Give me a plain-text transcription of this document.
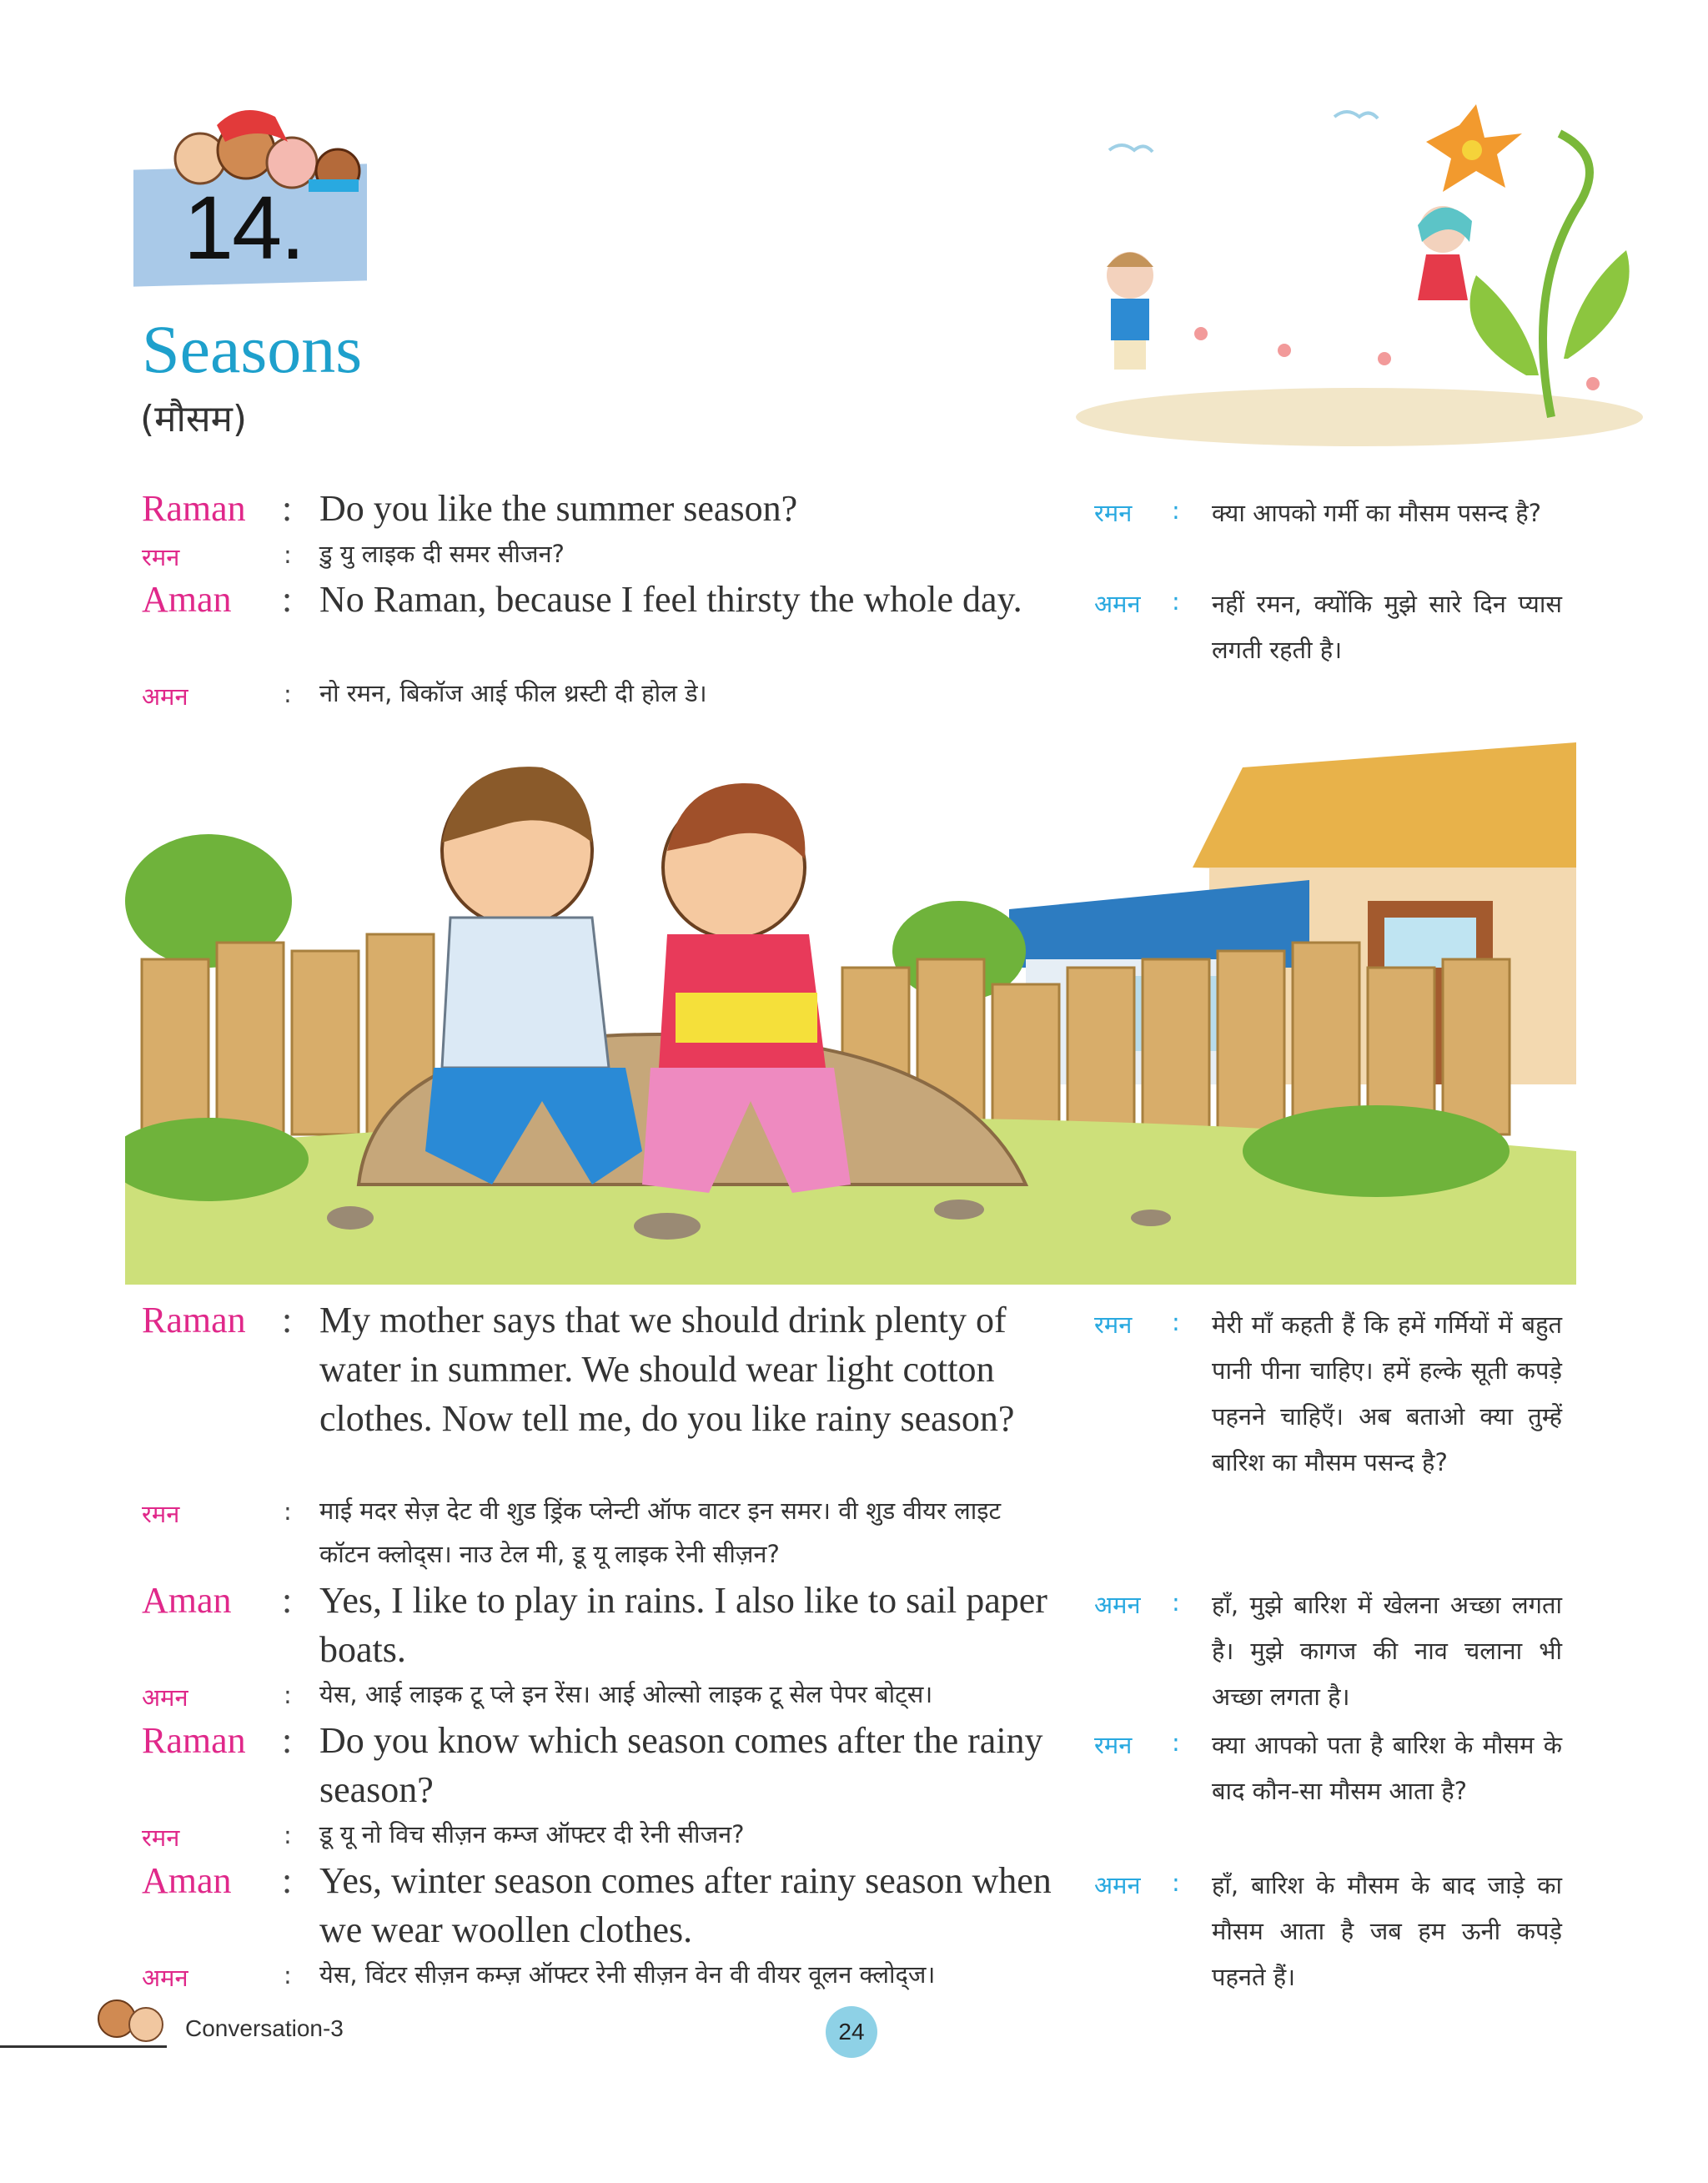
14.
Seasons
(मौसम)
Raman : Do you like the summer season?
रमन	: डु यु लाइक दी समर सीजन?
रमन : क्या आपको गर्मी का मौसम पसन्द है?
Aman : No Raman, because I feel thirsty the whole day.
अमन	: नो रमन, बिकॉज आई फील थ्रस्टी दी होल डे।
अमन : नहीं रमन, क्योंकि मुझे सारे दिन प्यास लगती रहती है।
Raman : My mother says that we should drink plenty of water in summer. We should wear light cotton clothes. Now tell me, do you like rainy season?
रमन	: माई मदर सेज़ देट वी शुड ड्रिंक प्लेन्टी ऑफ वाटर इन समर। वी शुड वीयर लाइट कॉटन क्लोद्स। नाउ टेल मी, डू यू लाइक रेनी सीज़न?
रमन : मेरी माँ कहती हैं कि हमें गर्मियों में बहुत पानी पीना चाहिए। हमें हल्के सूती कपड़े पहनने चाहिएँ। अब बताओ क्या तुम्हें बारिश का मौसम पसन्द है?
Aman : Yes, I like to play in rains. I also like to sail paper boats.
अमन	: येस, आई लाइक टू प्ले इन रेंस। आई ओल्सो लाइक टू सेल पेपर बोट्स।
अमन : हाँ, मुझे बारिश में खेलना अच्छा लगता है। मुझे कागज की नाव चलाना भी अच्छा लगता है।
Raman : Do you know which season comes after the rainy season?
रमन	: डू यू नो विच सीज़न कम्ज ऑफ्टर दी रेनी सीजन?
रमन : क्या आपको पता है बारिश के मौसम के बाद कौन-सा मौसम आता है?
Aman : Yes, winter season comes after rainy season when we wear woollen clothes.
अमन	: येस, विंटर सीज़न कम्ज़ ऑफ्टर रेनी सीज़न वेन वी वीयर वूलन क्लोद्ज।
अमन : हाँ, बारिश के मौसम के बाद जाड़े का मौसम आता है जब हम ऊनी कपड़े पहनते हैं।
Conversation-3	24
